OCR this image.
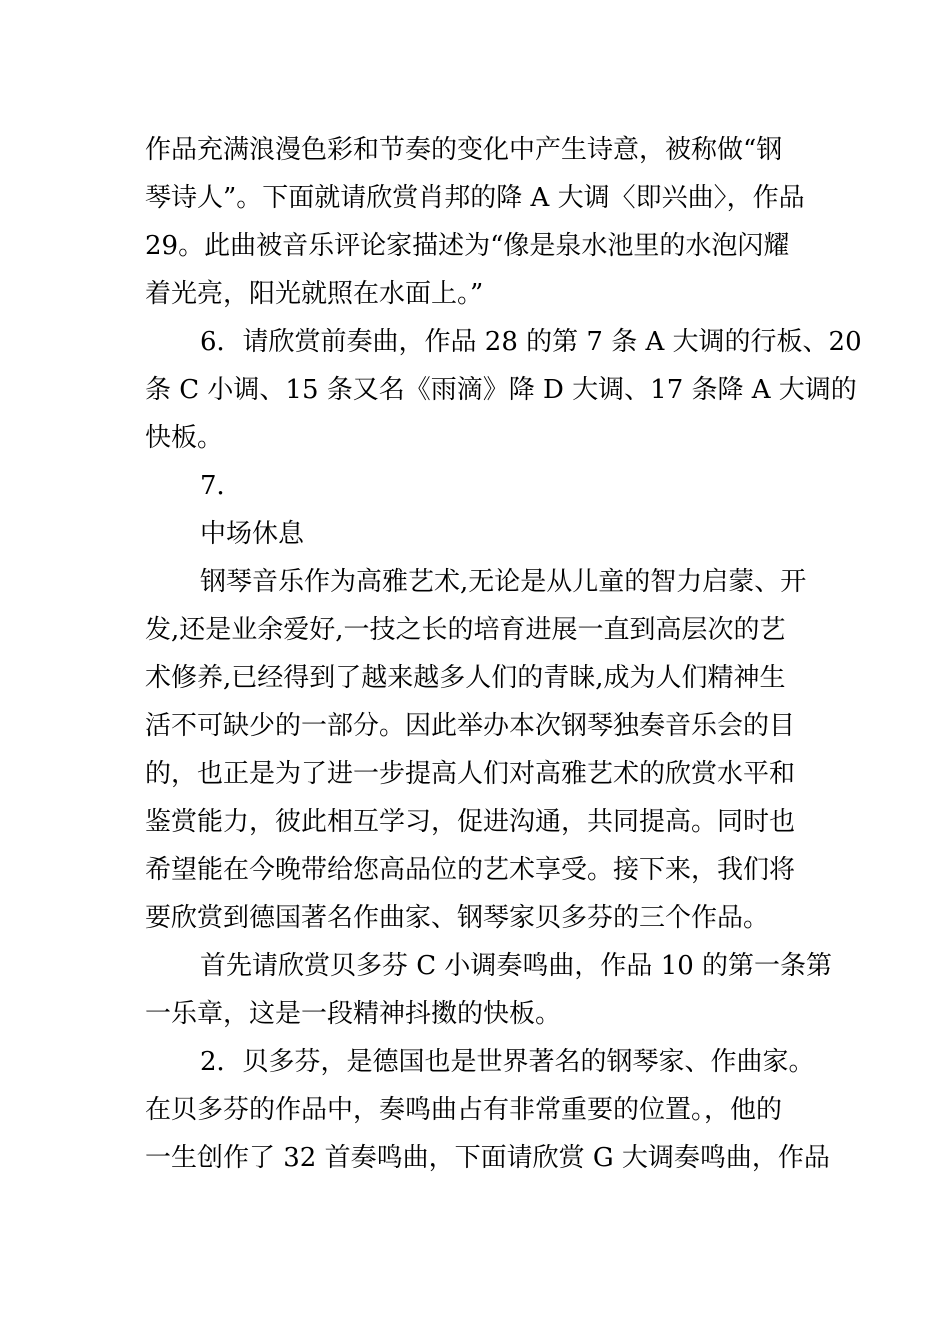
作品充满浪漫色彩和节奏的变化中产生诗意，被称做“钢
琴诗人”。下面就请欣赏肖邦的降 A 大调〈即兴曲〉，作品
29。此曲被音乐评论家描述为“像是泉水池里的水泡闪耀
着光亮，阳光就照在水面上。”
6．请欣赏前奏曲，作品 28 的第 7 条 A 大调的行板、20
条 C 小调、15 条又名《雨滴》降 D 大调、17 条降 A 大调的
快板。
7．
中场休息
钢琴音乐作为高雅艺术,无论是从儿童的智力启蒙、开
发,还是业余爱好,一技之长的培育进展一直到高层次的艺
术修养,已经得到了越来越多人们的青睐,成为人们精神生
活不可缺少的一部分。因此举办本次钢琴独奏音乐会的目
的，也正是为了进一步提高人们对高雅艺术的欣赏水平和
鉴赏能力，彼此相互学习，促进沟通，共同提高。同时也
希望能在今晚带给您高品位的艺术享受。接下来，我们将
要欣赏到德国著名作曲家、钢琴家贝多芬的三个作品。
首先请欣赏贝多芬 C 小调奏鸣曲，作品 10 的第一条第
一乐章，这是一段精神抖擞的快板。
2．贝多芬，是德国也是世界著名的钢琴家、作曲家。
在贝多芬的作品中，奏鸣曲占有非常重要的位置。，他的
一生创作了 32 首奏鸣曲，下面请欣赏 G 大调奏鸣曲，作品
